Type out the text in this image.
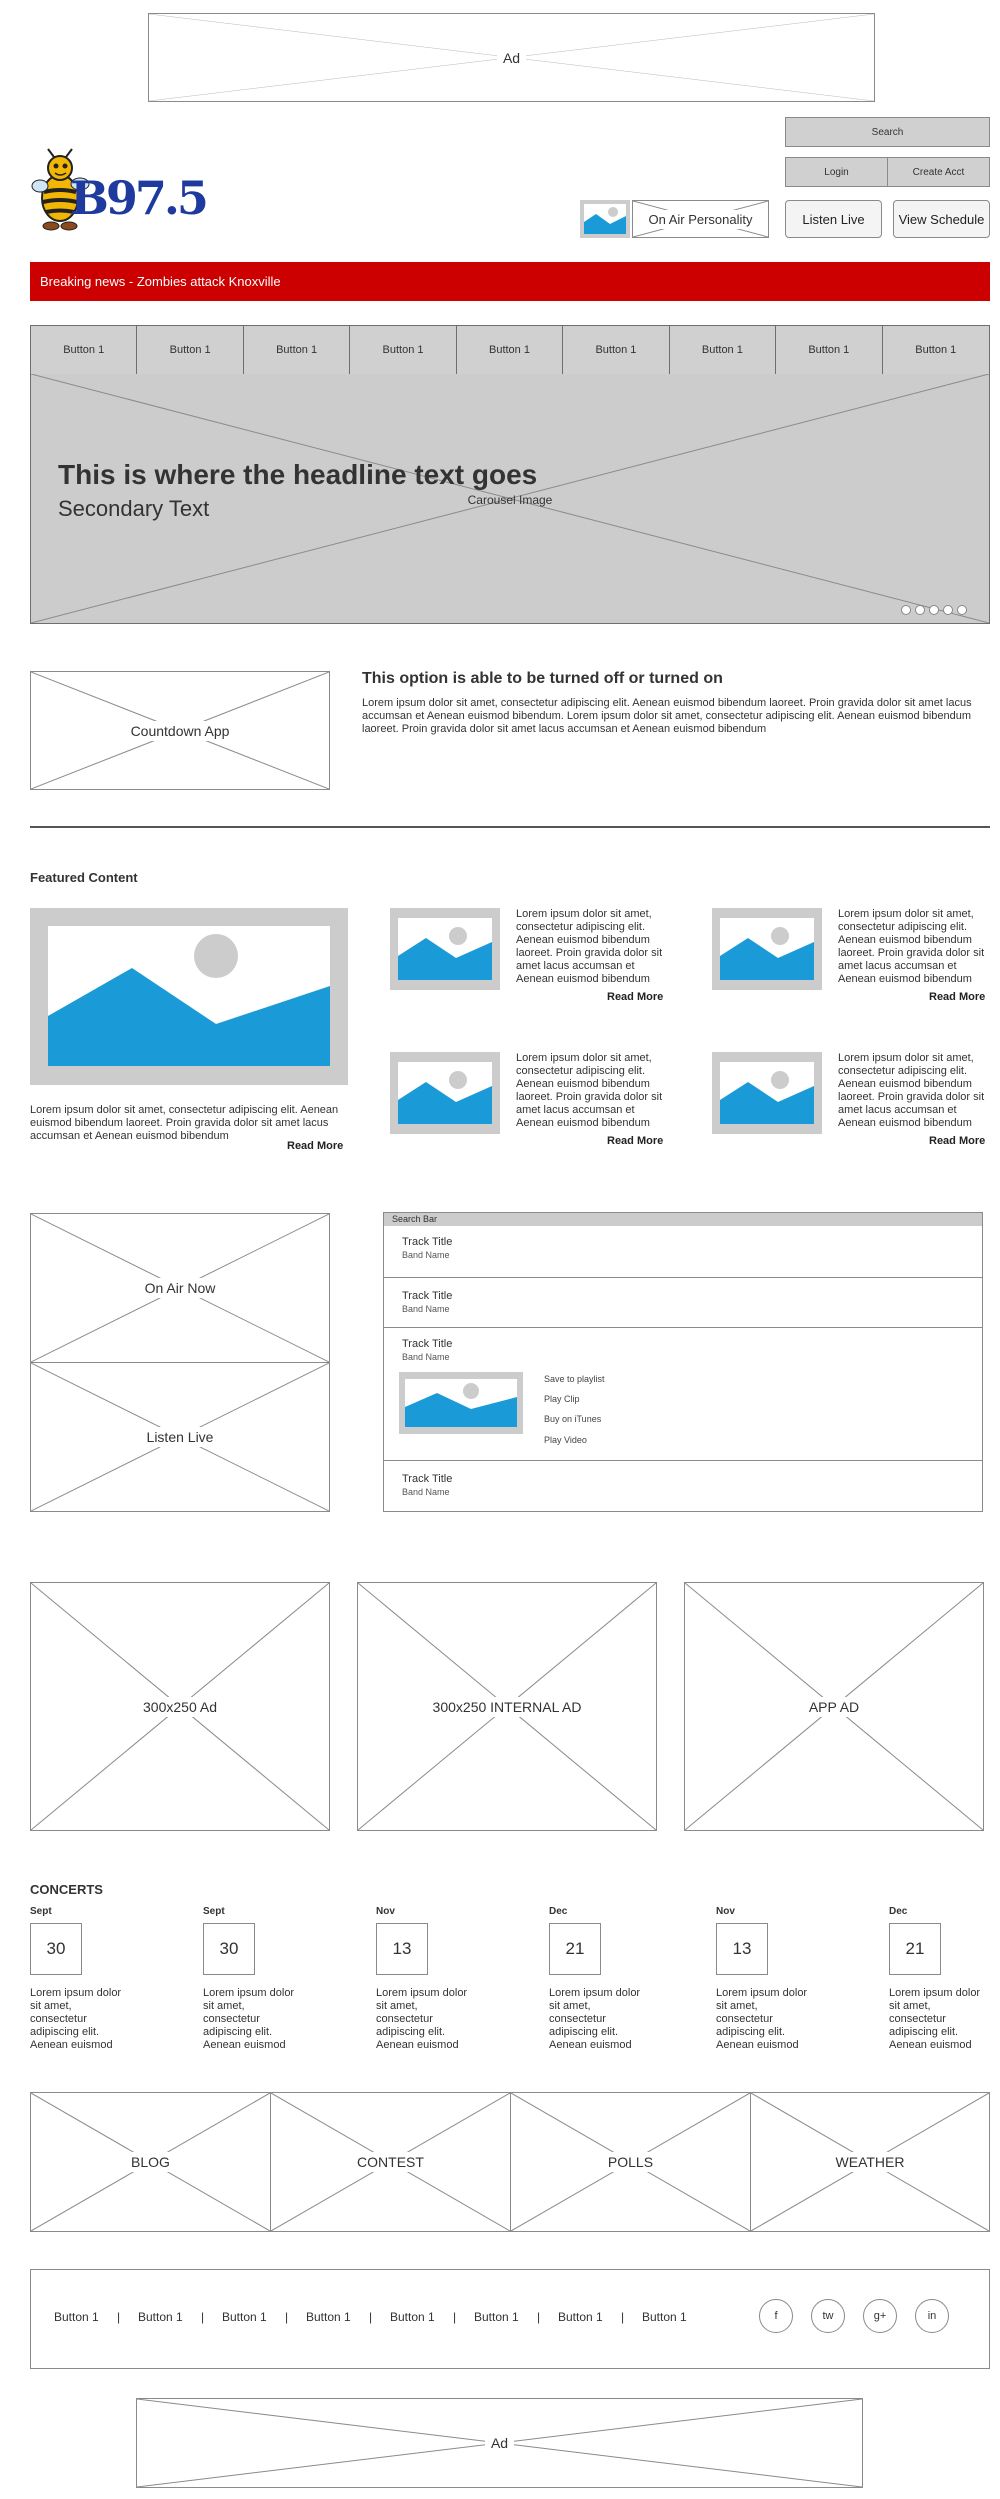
Ad
B97.5
Search
Login	Create Acct
On Air Personality	Listen Live	View Schedule
Breaking news - Zombies attack Knoxville
Button 1	Button 1	Button 1	Button 1	Button 1	Button 1	Button 1	Button 1	Button 1
Carousel Image
This is where the headline text goes
Secondary Text
Countdown App
This option is able to be turned off or turned on
Lorem ipsum dolor sit amet, consectetur adipiscing elit. Aenean euismod bibendum laoreet. Proin gravida dolor sit amet lacus accumsan et Aenean euismod bibendum. Lorem ipsum dolor sit amet, consectetur adipiscing elit. Aenean euismod bibendum laoreet. Proin gravida dolor sit amet lacus accumsan et Aenean euismod bibendum
Featured Content
Lorem ipsum dolor sit amet, consectetur adipiscing elit. Aenean euismod bibendum laoreet. Proin gravida dolor sit amet lacus accumsan et Aenean euismod bibendum
Read More
Lorem ipsum dolor sit amet, consectetur adipiscing elit. Aenean euismod bibendum laoreet. Proin gravida dolor sit amet lacus accumsan et Aenean euismod bibendum
Read More
Lorem ipsum dolor sit amet, consectetur adipiscing elit. Aenean euismod bibendum laoreet. Proin gravida dolor sit amet lacus accumsan et Aenean euismod bibendum
Read More
Lorem ipsum dolor sit amet, consectetur adipiscing elit. Aenean euismod bibendum laoreet. Proin gravida dolor sit amet lacus accumsan et Aenean euismod bibendum
Read More
Lorem ipsum dolor sit amet, consectetur adipiscing elit. Aenean euismod bibendum laoreet. Proin gravida dolor sit amet lacus accumsan et Aenean euismod bibendum
Read More
On Air Now
Listen Live
Search Bar
Track Title
Band Name
Track Title
Band Name
Track Title
Band Name
Save to playlist
Play Clip
Buy on iTunes
Play Video
Track Title
Band Name
300x250 Ad	300x250 INTERNAL AD	APP AD
CONCERTS
Sept
30
Lorem ipsum dolor sit amet, consectetur adipiscing elit. Aenean euismod
Sept
30
Lorem ipsum dolor sit amet, consectetur adipiscing elit. Aenean euismod
Nov
13
Lorem ipsum dolor sit amet, consectetur adipiscing elit. Aenean euismod
Dec
21
Lorem ipsum dolor sit amet, consectetur adipiscing elit. Aenean euismod
Nov
13
Lorem ipsum dolor sit amet, consectetur adipiscing elit. Aenean euismod
Dec
21
Lorem ipsum dolor sit amet, consectetur adipiscing elit. Aenean euismod
BLOG	CONTEST	POLLS	WEATHER
Button 1 | Button 1 | Button 1 | Button 1 | Button 1 | Button 1 | Button 1 | Button 1	f	tw	g+	in
Ad
